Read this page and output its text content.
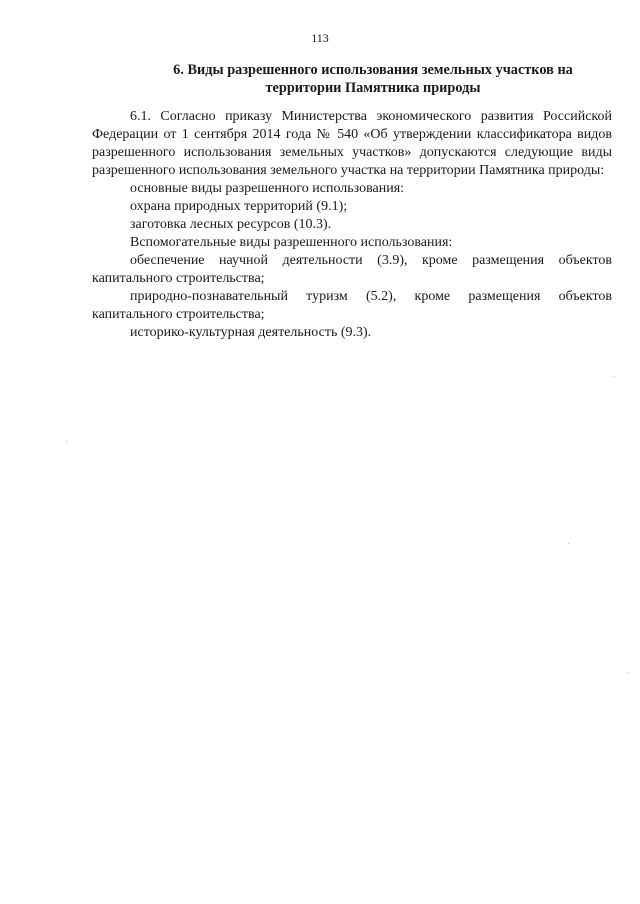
113
6. Виды разрешенного использования земельных участков на
территории Памятника природы

6.1. Согласно приказу Министерства экономического развития Российской Федерации от 1 сентября 2014 года № 540 «Об утверждении классификатора видов разрешенного использования земельных участков» допускаются следующие виды разрешенного использования земельного участка на территории Памятника природы:

основные виды разрешенного использования:

охрана природных территорий (9.1);

заготовка лесных ресурсов (10.3).

Вспомогательные виды разрешенного использования:

обеспечение научной деятельности (3.9), кроме размещения объектов капитального строительства;

природно-познавательный туризм (5.2), кроме размещения объектов капитального строительства;

историко-культурная деятельность (9.3).
